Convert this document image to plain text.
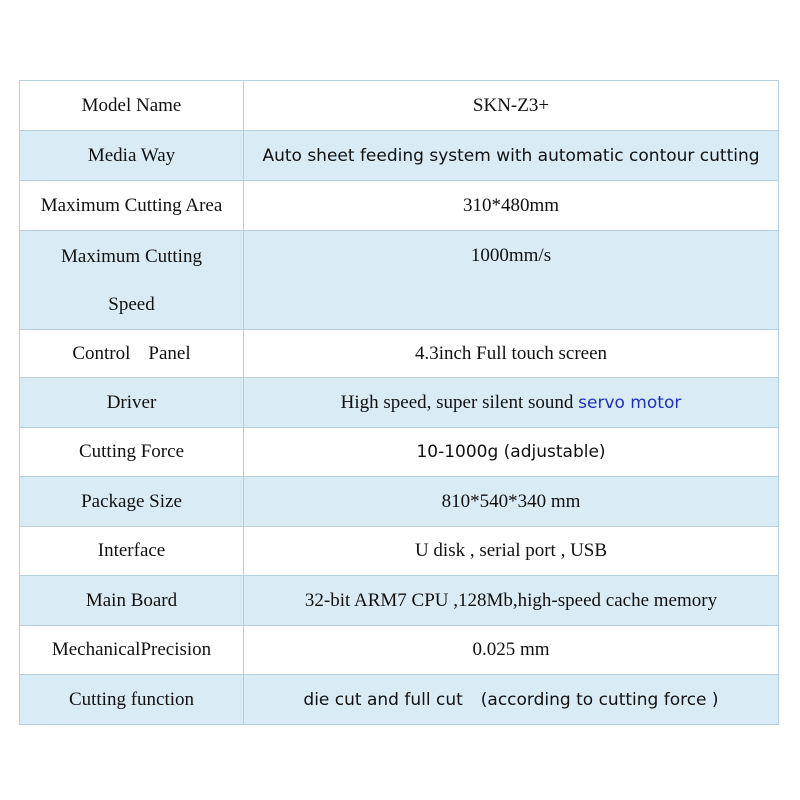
Model Name	SKN-Z3+
Media Way	Auto sheet feeding system with automatic contour cutting
Maximum Cutting Area	310*480mm

Maximum Cutting
Speed	1000mm/s
Control Panel	4.3inch Full touch screen
Driver	High speed, super silent sound servo motor
Cutting Force	10-1000g (adjustable)
Package Size	810*540*340 mm
Interface	U disk , serial port , USB
Main Board	32-bit ARM7 CPU ,128Mb,high-speed cache memory
MechanicalPrecision	0.025 mm
Cutting function	die cut and full cut (according to cutting force )
